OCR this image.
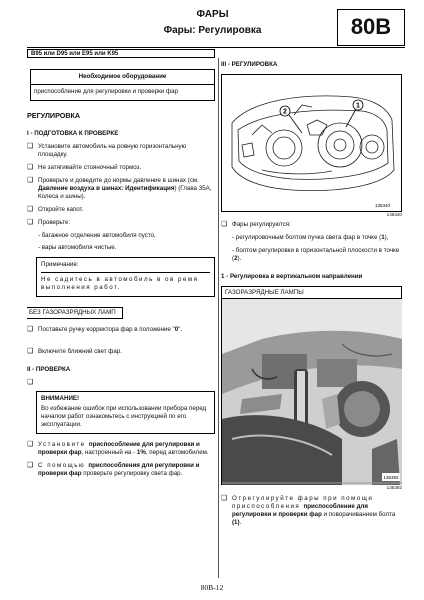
ФАРЫ
Фары: Регулировка	80B
B95 или D95 или E95 или K95
Необходимое оборудование
приспособление для регулировки и проверки фар
РЕГУЛИРОВКА
I - ПОДГОТОВКА К ПРОВЕРКЕ
❑ Установите автомобиль на ровную горизонтальную площадку.
❑ Не затягивайте стояночный тормоз.
❑ Проверьте и доведите до нормы давление в шинах (см. Давление воздуха в шинах: Идентификация) (Глава 35А, Колеса и шины).
❑ Откройте капот.
❑ Проверьте:
- багажное отделение автомобиля пусто,
- вары автомобиля чистые.
Примечание:
Не садитесь в автомобиль в ов ремя выполнения работ.
БЕЗ ГАЗОРАЗРЯДНЫХ ЛАМП
❑ Поставьте ручку корректора фар в положение "0".
❑ Включите ближний свет фар.
II - ПРОВЕРКА
❑
ВНИМАНИЕ!
Во избежание ошибок при использовании прибора перед началом работ ознакомьтесь с инструкцией по его эксплуатации.
❑ Установите приспособление для регулировки и проверки фар, настроенный на - 1%, перед автомобилем.
❑ С помощью приспособления для регулировки и проверки фар проверьте регулировку света фар.
III - РЕГУЛИРОВКА
2
1
135340
135340
❑ Фары регулируются:
- регулировочным болтом пучка света фар в точке (1),
- болтом регулировки в горизонтальной плоскости в точке (2).
1 - Регулировка в вертикальном направлении
ГАЗОРАЗРЯДНЫЕ ЛАМПЫ
135392
135392
❑ Отрегулируйте фары при помощи приспособления приспособление для регулировки и проверки фар и поворачиванием болта (1).
80B-12
